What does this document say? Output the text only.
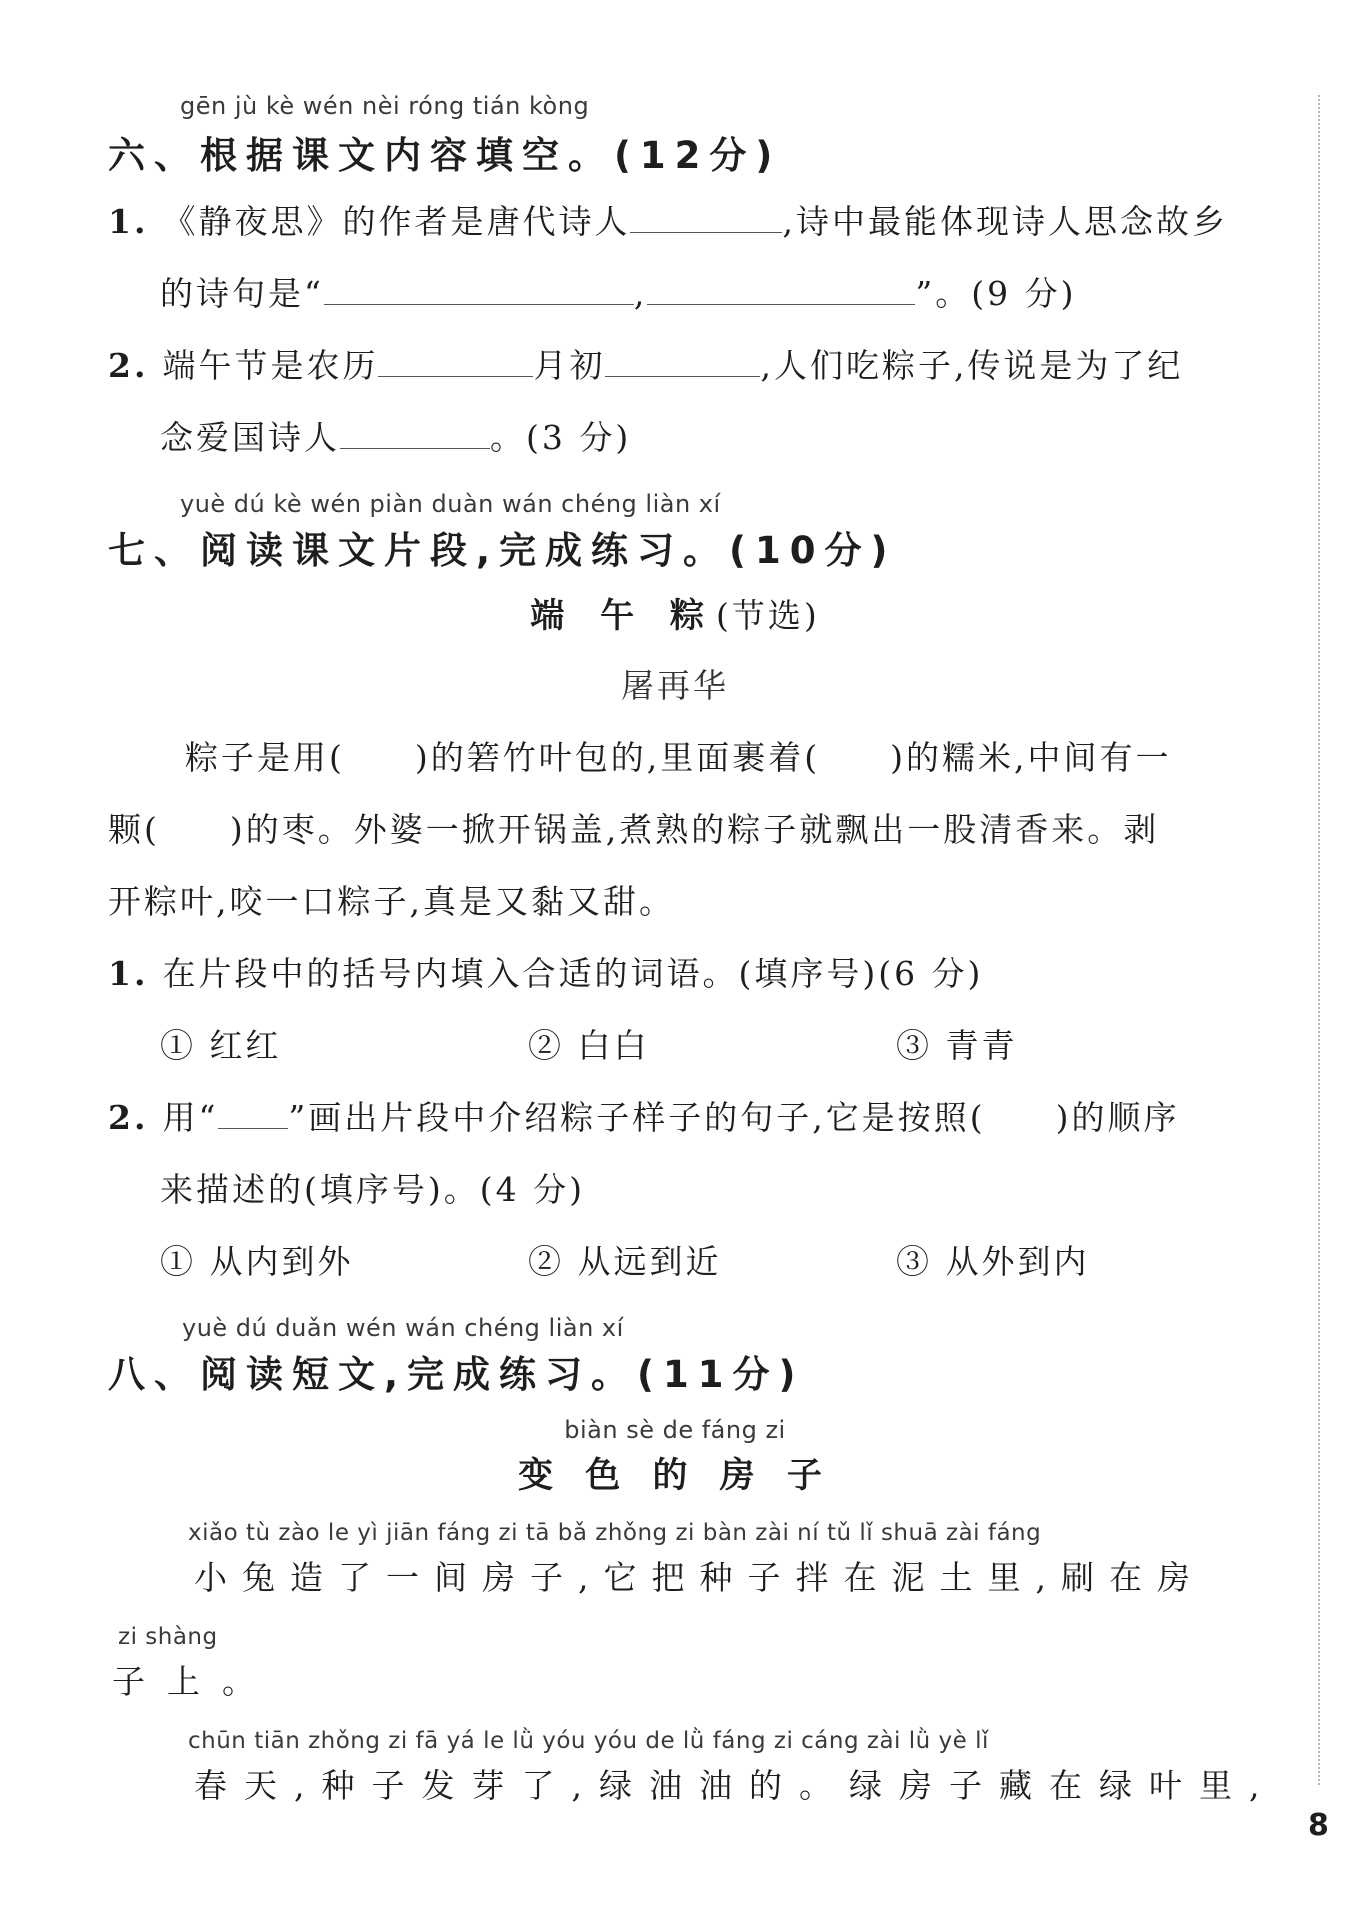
gēn jù kè wén nèi róng tián kòng
六、根据课文内容填空。(12分)
1. 《静夜思》的作者是唐代诗人	,诗中最能体现诗人思念故乡
的诗句是“	,	”。(9 分)
2. 端午节是农历	月初	,人们吃粽子,传说是为了纪
念爱国诗人	。(3 分)
yuè dú kè wén piàn duàn wán chéng liàn xí
七、阅读课文片段,完成练习。(10分)
端 午 粽(节选)
屠再华
粽子是用( )的箬竹叶包的,里面裹着( )的糯米,中间有一
颗( )的枣。外婆一掀开锅盖,煮熟的粽子就飘出一股清香来。剥
开粽叶,咬一口粽子,真是又黏又甜。
1. 在片段中的括号内填入合适的词语。(填序号)(6 分)
① 红红	② 白白	③ 青青
2. 用“ ”画出片段中介绍粽子样子的句子,它是按照( )的顺序
来描述的(填序号)。(4 分)
① 从内到外	② 从远到近	③ 从外到内
yuè dú duǎn wén wán chéng liàn xí
八、阅读短文,完成练习。(11分)
biàn sè de fáng zi
变 色 的 房 子
xiǎo tù zào le yì jiān fáng zi tā bǎ zhǒng zi bàn zài ní tǔ lǐ shuā zài fáng
小兔造了一间房子,它把种子拌在泥土里,刷在房
zi shàng
子上。
chūn tiān zhǒng zi fā yá le lǜ yóu yóu de lǜ fáng zi cáng zài lǜ yè lǐ
春天,种子发芽了,绿油油的。绿房子藏在绿叶里,
8
